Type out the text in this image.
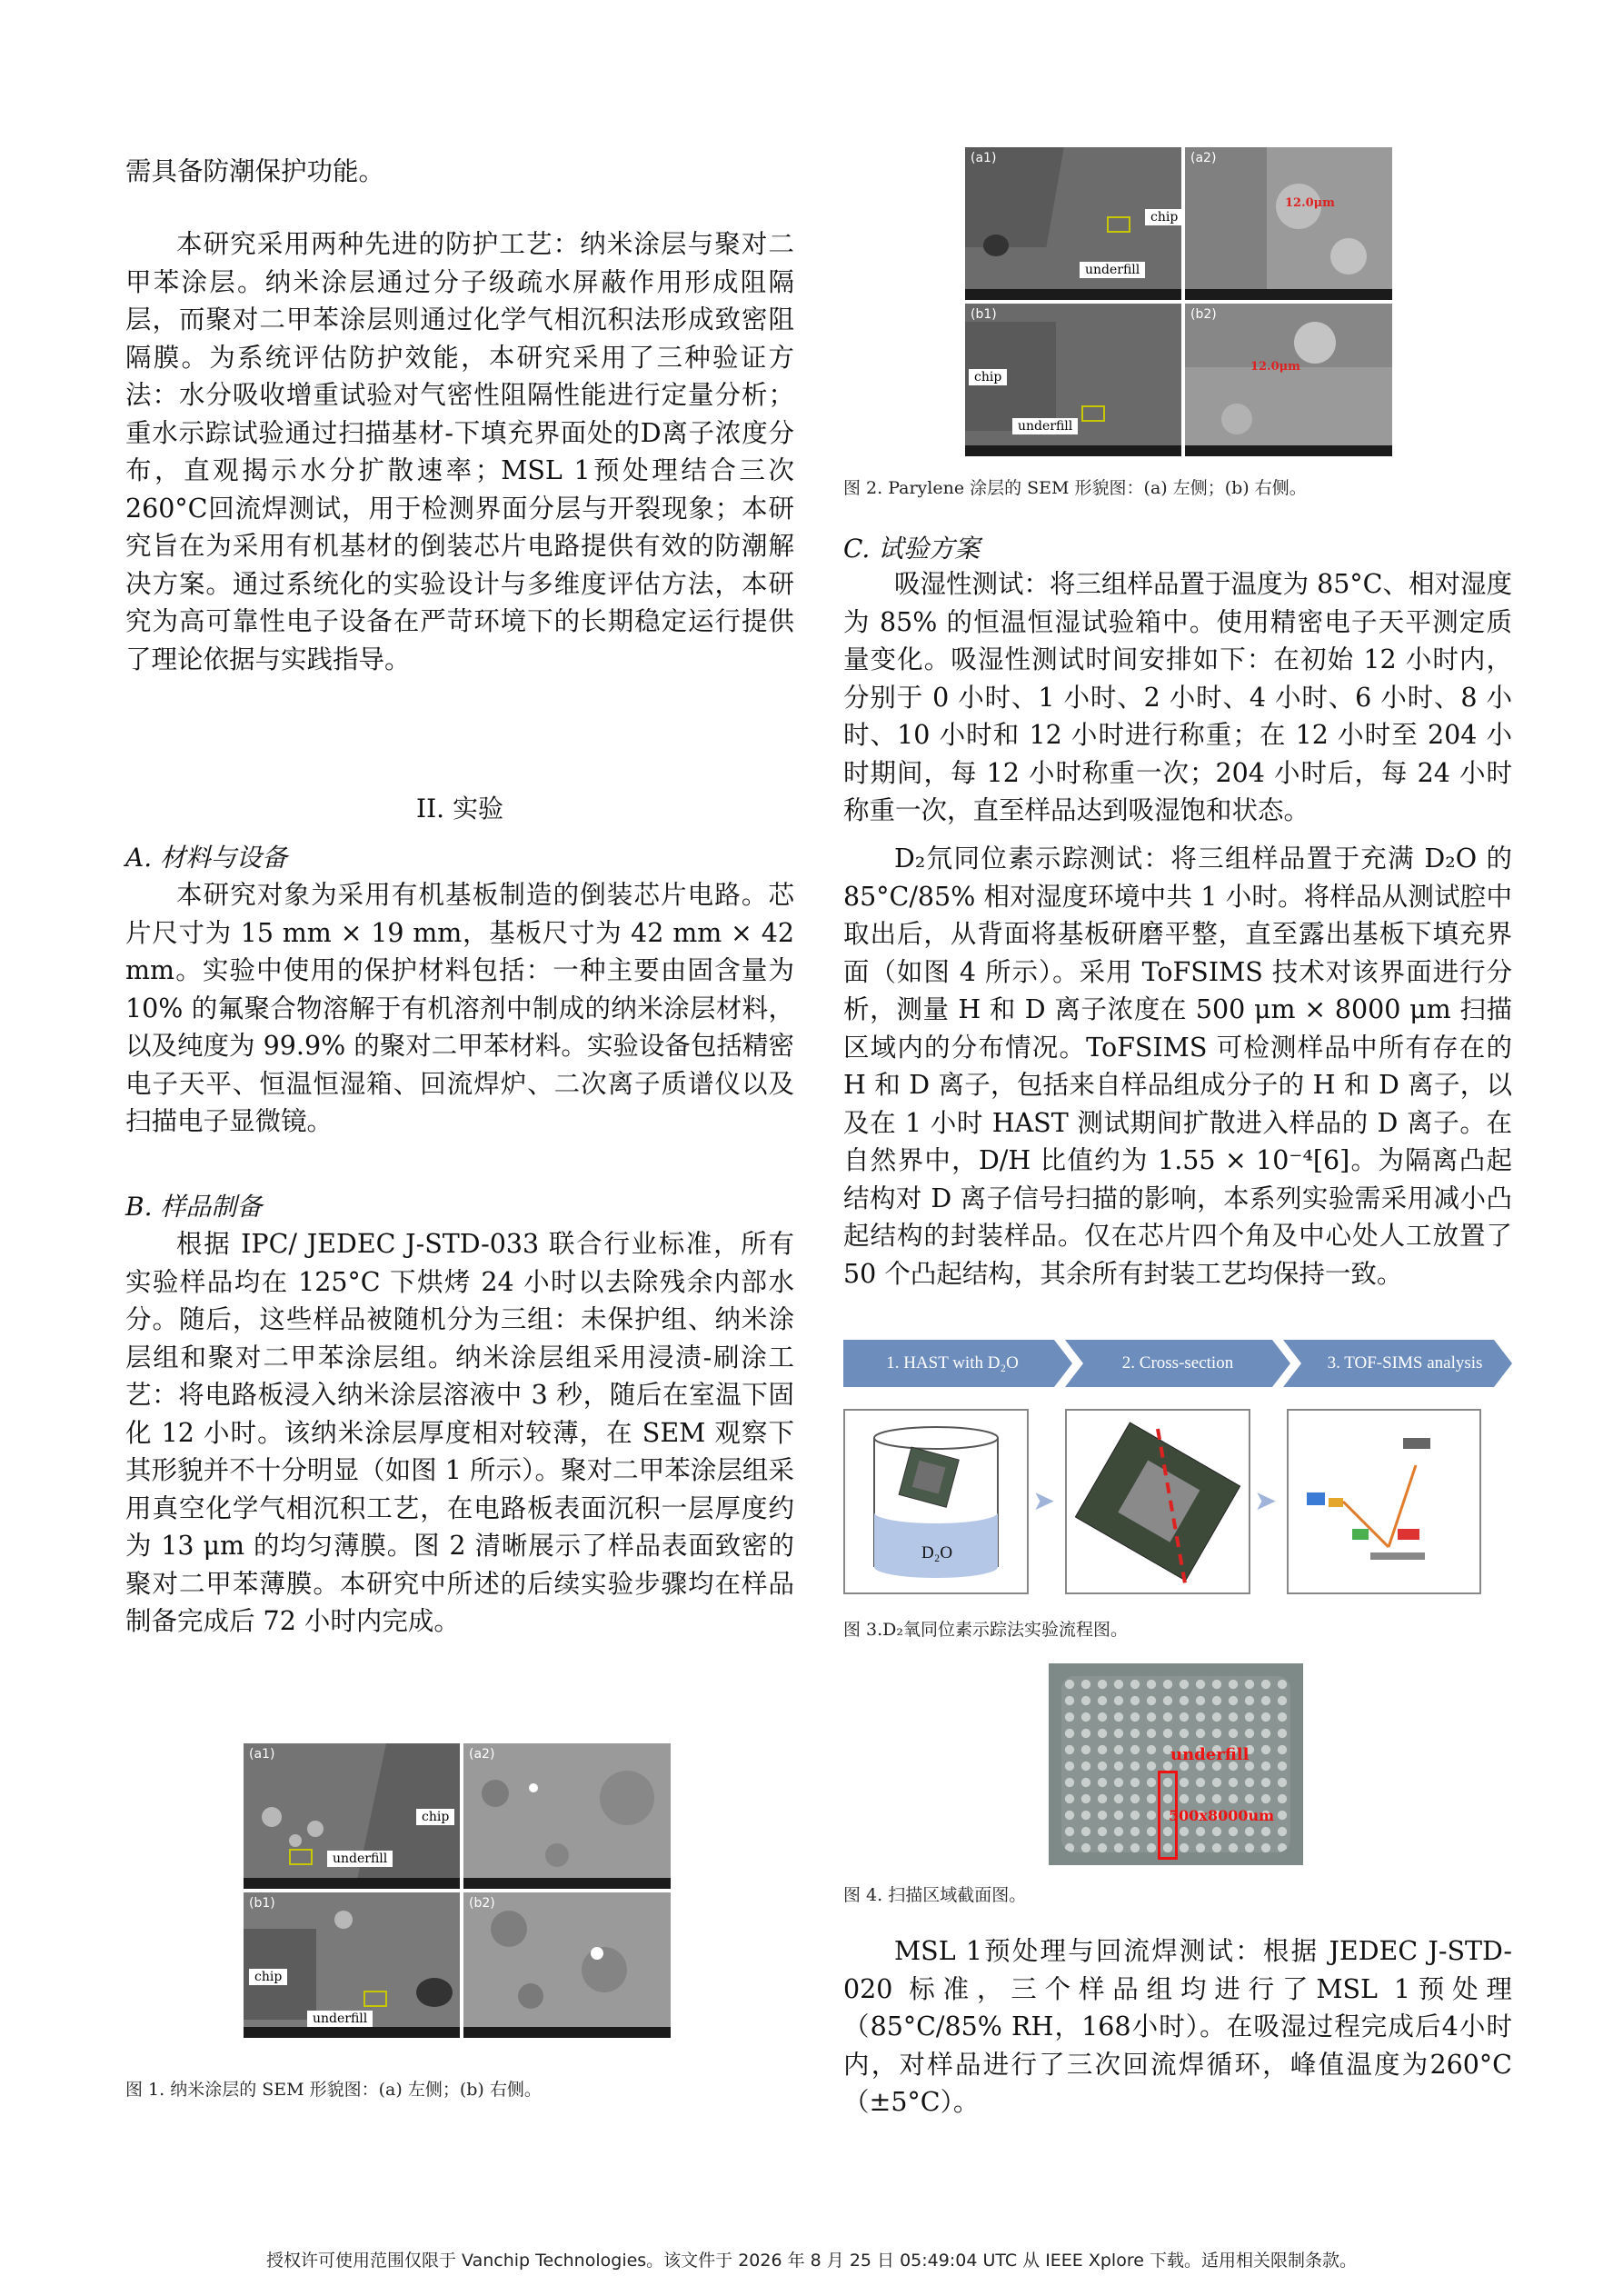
需具备防潮保护功能。

本研究采用两种先进的防护工艺：纳米涂层与聚对二甲苯涂层。纳米涂层通过分子级疏水屏蔽作用形成阻隔层，而聚对二甲苯涂层则通过化学气相沉积法形成致密阻隔膜。为系统评估防护效能，本研究采用了三种验证方法：水分吸收增重试验对气密性阻隔性能进行定量分析；重水示踪试验通过扫描基材-下填充界面处的D离子浓度分布，直观揭示水分扩散速率；MSL 1预处理结合三次260°C回流焊测试，用于检测界面分层与开裂现象；本研究旨在为采用有机基材的倒装芯片电路提供有效的防潮解决方案。通过系统化的实验设计与多维度评估方法，本研究为高可靠性电子设备在严苛环境下的长期稳定运行提供了理论依据与实践指导。

II. 实验

A. 材料与设备

本研究对象为采用有机基板制造的倒装芯片电路。芯片尺寸为 15 mm × 19 mm，基板尺寸为 42 mm × 42 mm。实验中使用的保护材料包括：一种主要由固含量为 10% 的氟聚合物溶解于有机溶剂中制成的纳米涂层材料，以及纯度为 99.9% 的聚对二甲苯材料。实验设备包括精密电子天平、恒温恒湿箱、回流焊炉、二次离子质谱仪以及扫描电子显微镜。

B. 样品制备

根据 IPC/ JEDEC J-STD-033 联合行业标准，所有实验样品均在 125°C 下烘烤 24 小时以去除残余内部水分。随后，这些样品被随机分为三组：未保护组、纳米涂层组和聚对二甲苯涂层组。纳米涂层组采用浸渍-刷涂工艺：将电路板浸入纳米涂层溶液中 3 秒，随后在室温下固化 12 小时。该纳米涂层厚度相对较薄，在 SEM 观察下其形貌并不十分明显（如图 1 所示）。聚对二甲苯涂层组采用真空化学气相沉积工艺，在电路板表面沉积一层厚度约为 13 μm 的均匀薄膜。图 2 清晰展示了样品表面致密的聚对二甲苯薄膜。本研究中所述的后续实验步骤均在样品制备完成后 72 小时内完成。

chip
underfill
(a1)	(a2)
chip
underfill
(b1)	(b2)

图 1. 纳米涂层的 SEM 形貌图：(a) 左侧；(b) 右侧。

chip
underfill
(a1)
12.0μm
(a2)
chip
underfill
(b1)
12.0μm
(b2)

图 2. Parylene 涂层的 SEM 形貌图：(a) 左侧；(b) 右侧。

C. 试验方案

吸湿性测试：将三组样品置于温度为 85°C、相对湿度为 85% 的恒温恒湿试验箱中。使用精密电子天平测定质量变化。吸湿性测试时间安排如下：在初始 12 小时内，分别于 0 小时、1 小时、2 小时、4 小时、6 小时、8 小时、10 小时和 12 小时进行称重；在 12 小时至 204 小时期间，每 12 小时称重一次；204 小时后，每 24 小时称重一次，直至样品达到吸湿饱和状态。

D₂氘同位素示踪测试：将三组样品置于充满 D₂O 的 85°C/85% 相对湿度环境中共 1 小时。将样品从测试腔中取出后，从背面将基板研磨平整，直至露出基板下填充界面（如图 4 所示）。采用 ToFSIMS 技术对该界面进行分析，测量 H 和 D 离子浓度在 500 μm × 8000 μm 扫描区域内的分布情况。ToFSIMS 可检测样品中所有存在的 H 和 D 离子，包括来自样品组成分子的 H 和 D 离子，以及在 1 小时 HAST 测试期间扩散进入样品的 D 离子。在自然界中，D/H 比值约为 1.55 × 10⁻⁴[6]。为隔离凸起结构对 D 离子信号扫描的影响，本系列实验需采用减小凸起结构的封装样品。仅在芯片四个角及中心处人工放置了 50 个凸起结构，其余所有封装工艺均保持一致。

1. HAST with D₂O	2. Cross-section	3. TOF-SIMS analysis
D₂O
➤	➤

图 3.D₂氧同位素示踪法实验流程图。

underfill
500x8000um

图 4. 扫描区域截面图。

MSL 1预处理与回流焊测试：根据 JEDEC J-STD-020 标准，三个样品组均进行了MSL 1预处理（85°C/85% RH，168小时）。在吸湿过程完成后4小时内，对样品进行了三次回流焊循环，峰值温度为260°C（±5°C）。

授权许可使用范围仅限于 Vanchip Technologies。该文件于 2026 年 8 月 25 日 05:49:04 UTC 从 IEEE Xplore 下载。适用相关限制条款。
